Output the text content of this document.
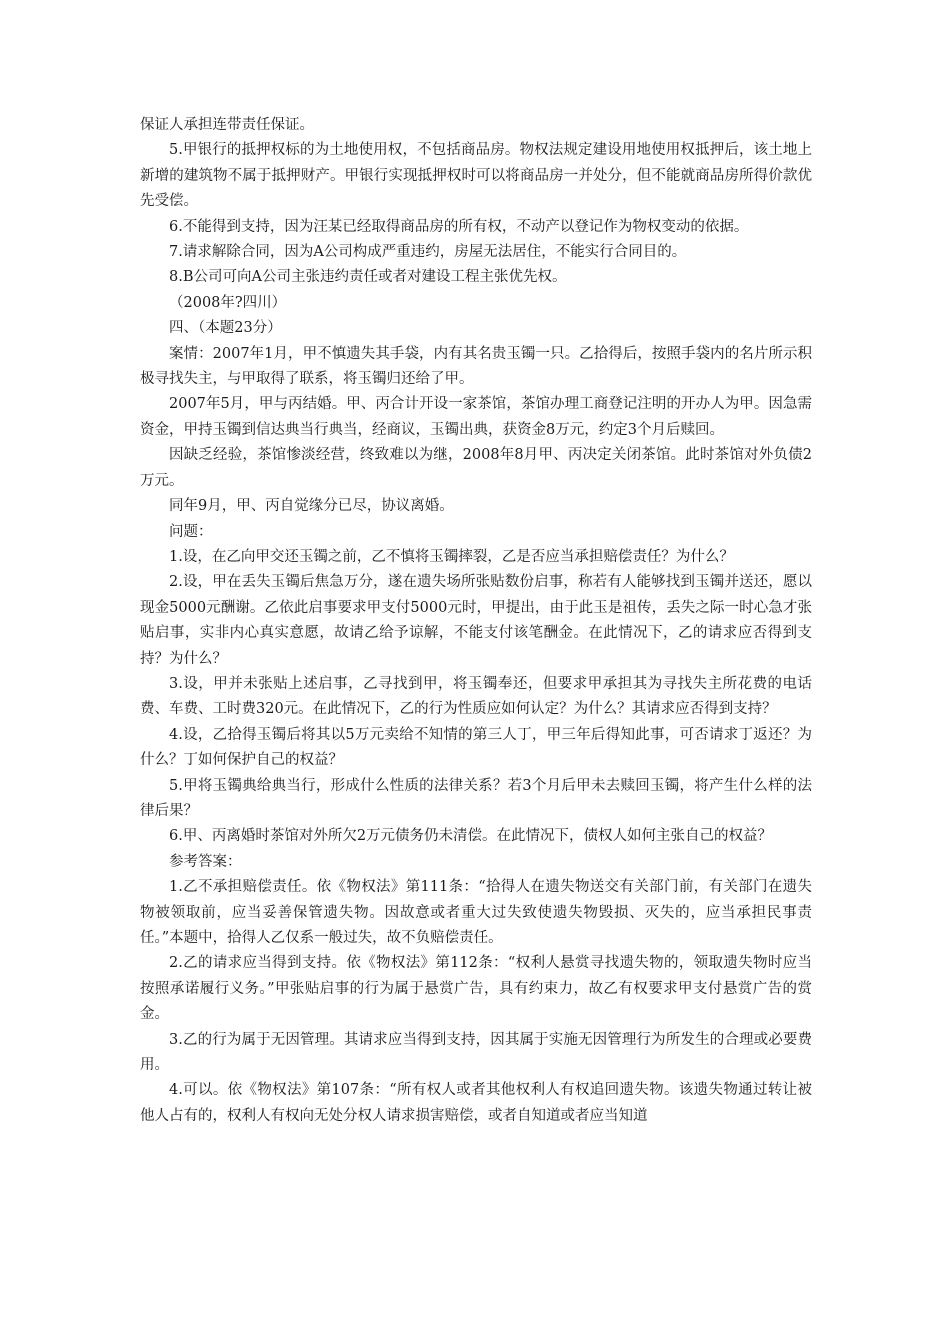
保证人承担连带责任保证。

5.甲银行的抵押权标的为土地使用权，不包括商品房。物权法规定建设用地使用权抵押后，该土地上新增的建筑物不属于抵押财产。甲银行实现抵押权时可以将商品房一并处分，但不能就商品房所得价款优先受偿。

6.不能得到支持，因为汪某已经取得商品房的所有权，不动产以登记作为物权变动的依据。

7.请求解除合同，因为A公司构成严重违约，房屋无法居住，不能实行合同目的。

8.B公司可向A公司主张违约责任或者对建设工程主张优先权。

（2008年?四川）

四、（本题23分）

案情：2007年1月，甲不慎遗失其手袋，内有其名贵玉镯一只。乙拾得后，按照手袋内的名片所示积极寻找失主，与甲取得了联系，将玉镯归还给了甲。

2007年5月，甲与丙结婚。甲、丙合计开设一家茶馆，茶馆办理工商登记注明的开办人为甲。因急需资金，甲持玉镯到信达典当行典当，经商议，玉镯出典，获资金8万元，约定3个月后赎回。

因缺乏经验，茶馆惨淡经营，终致难以为继，2008年8月甲、丙决定关闭茶馆。此时茶馆对外负债2万元。

同年9月，甲、丙自觉缘分已尽，协议离婚。

问题：

1.设，在乙向甲交还玉镯之前，乙不慎将玉镯摔裂，乙是否应当承担赔偿责任？为什么？

2.设，甲在丢失玉镯后焦急万分，遂在遗失场所张贴数份启事，称若有人能够找到玉镯并送还，愿以现金5000元酬谢。乙依此启事要求甲支付5000元时，甲提出，由于此玉是祖传，丢失之际一时心急才张贴启事，实非内心真实意愿，故请乙给予谅解，不能支付该笔酬金。在此情况下，乙的请求应否得到支持？为什么？

3.设，甲并未张贴上述启事，乙寻找到甲，将玉镯奉还，但要求甲承担其为寻找失主所花费的电话费、车费、工时费320元。在此情况下，乙的行为性质应如何认定？为什么？其请求应否得到支持？

4.设，乙拾得玉镯后将其以5万元卖给不知情的第三人丁，甲三年后得知此事，可否请求丁返还？为什么？丁如何保护自己的权益？

5.甲将玉镯典给典当行，形成什么性质的法律关系？若3个月后甲未去赎回玉镯，将产生什么样的法律后果？

6.甲、丙离婚时茶馆对外所欠2万元债务仍未清偿。在此情况下，债权人如何主张自己的权益？

参考答案：

1.乙不承担赔偿责任。依《物权法》第111条：“拾得人在遗失物送交有关部门前，有关部门在遗失物被领取前，应当妥善保管遗失物。因故意或者重大过失致使遗失物毁损、灭失的，应当承担民事责任。”本题中，拾得人乙仅系一般过失，故不负赔偿责任。

2.乙的请求应当得到支持。依《物权法》第112条：“权利人悬赏寻找遗失物的，领取遗失物时应当按照承诺履行义务。”甲张贴启事的行为属于悬赏广告，具有约束力，故乙有权要求甲支付悬赏广告的赏金。

3.乙的行为属于无因管理。其请求应当得到支持，因其属于实施无因管理行为所发生的合理或必要费用。

4.可以。依《物权法》第107条：“所有权人或者其他权利人有权追回遗失物。该遗失物通过转让被他人占有的，权利人有权向无处分权人请求损害赔偿，或者自知道或者应当知道
